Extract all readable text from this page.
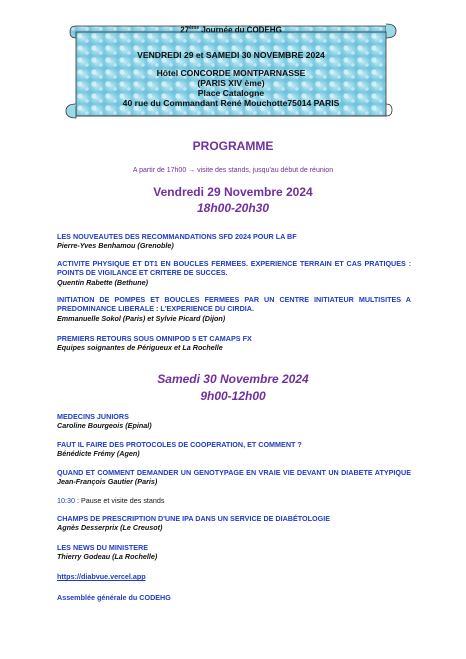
27ème Journée du CODEHG
VENDREDI 29 et SAMEDI 30 NOVEMBRE 2024
Hôtel CONCORDE MONTPARNASSE
(PARIS XIV ème)
Place Catalogne
40 rue du Commandant René Mouchotte75014 PARIS
PROGRAMME
A partir de 17h00 → visite des stands, jusqu'au début de réunion
Vendredi 29 Novembre 2024
18h00-20h30
LES NOUVEAUTES DES RECOMMANDATIONS SFD 2024 POUR LA BF
Pierre-Yves Benhamou (Grenoble)
ACTIVITE PHYSIQUE ET DT1 EN BOUCLES FERMEES. EXPERIENCE TERRAIN ET CAS PRATIQUES : POINTS DE VIGILANCE ET CRITERE DE SUCCES.
Quentin Rabette (Bethune)
INITIATION DE POMPES ET BOUCLES FERMEES PAR UN CENTRE INITIATEUR MULTISITES A PREDOMINANCE LIBERALE : L'EXPERIENCE DU CIRDIA.
Emmanuelle Sokol (Paris) et Sylvie Picard (Dijon)
PREMIERS RETOURS SOUS OMNIPOD 5 ET CAMAPS FX
Equipes soignantes de Périgueux et La Rochelle
Samedi 30 Novembre 2024
9h00-12h00
MEDECINS JUNIORS
Caroline Bourgeois (Epinal)
FAUT IL FAIRE DES PROTOCOLES DE COOPERATION, ET COMMENT ?
Bénédicte Frémy (Agen)
QUAND ET COMMENT DEMANDER UN GENOTYPAGE EN VRAIE VIE DEVANT UN DIABETE ATYPIQUE Jean-François Gautier (Paris)
10:30 : Pause et visite des stands
CHAMPS DE PRESCRIPTION D'UNE IPA DANS UN SERVICE DE DIABÉTOLOGIE
Agnès Desserprix (Le Creusot)
LES NEWS DU MINISTERE
Thierry Godeau (La Rochelle)
https://diabvue.vercel.app
Assemblée générale du CODEHG
